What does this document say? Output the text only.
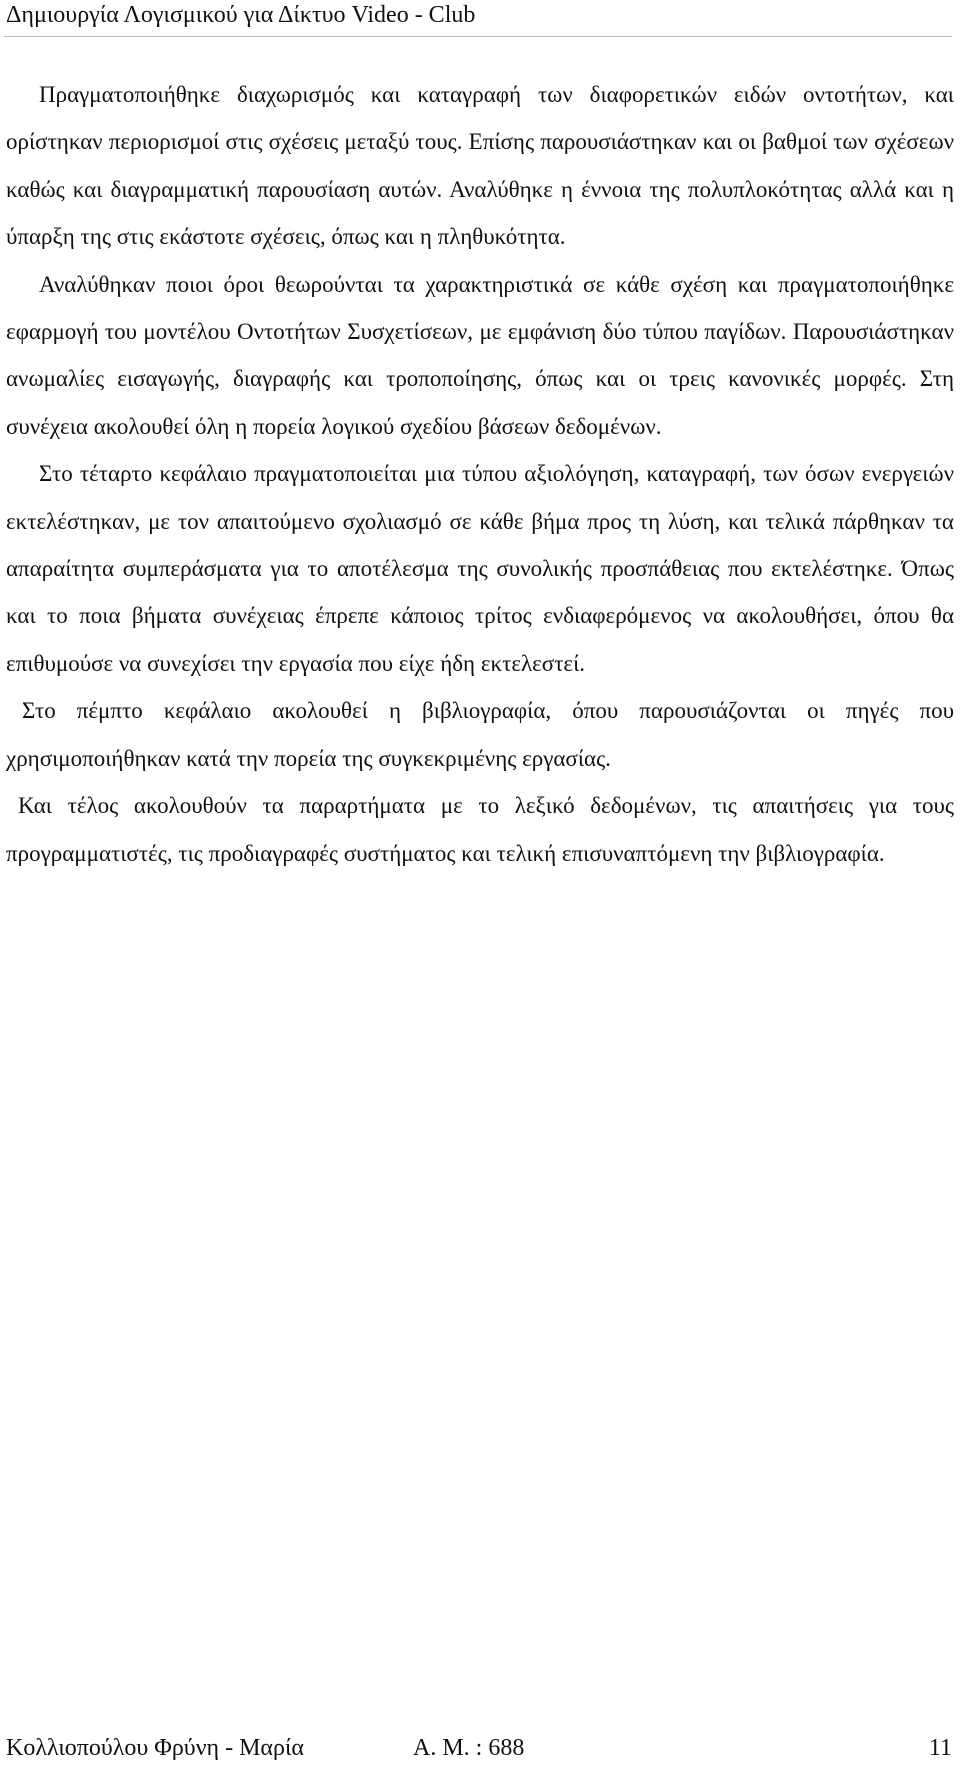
Δημιουργία Λογισμικού για Δίκτυο Video - Club

Πραγματοποιήθηκε διαχωρισμός και καταγραφή των διαφορετικών ειδών οντοτήτων, και ορίστηκαν περιορισμοί στις σχέσεις μεταξύ τους. Επίσης παρουσιάστηκαν και οι βαθμοί των σχέσεων καθώς και διαγραμματική παρουσίαση αυτών. Αναλύθηκε η έννοια της πολυπλοκότητας αλλά και η ύπαρξη της στις εκάστοτε σχέσεις, όπως και η πληθυκότητα.

Αναλύθηκαν ποιοι όροι θεωρούνται τα χαρακτηριστικά σε κάθε σχέση και πραγματοποιήθηκε εφαρμογή του μοντέλου Οντοτήτων Συσχετίσεων, με εμφάνιση δύο τύπου παγίδων. Παρουσιάστηκαν ανωμαλίες εισαγωγής, διαγραφής και τροποποίησης, όπως και οι τρεις κανονικές μορφές. Στη συνέχεια ακολουθεί όλη η πορεία λογικού σχεδίου βάσεων δεδομένων.

Στο τέταρτο κεφάλαιο πραγματοποιείται μια τύπου αξιολόγηση, καταγραφή, των όσων ενεργειών εκτελέστηκαν, με τον απαιτούμενο σχολιασμό σε κάθε βήμα προς τη λύση, και τελικά πάρθηκαν τα απαραίτητα συμπεράσματα για το αποτέλεσμα της συνολικής προσπάθειας που εκτελέστηκε. Όπως και το ποια βήματα συνέχειας έπρεπε κάποιος τρίτος ενδιαφερόμενος να ακολουθήσει, όπου θα επιθυμούσε να συνεχίσει την εργασία που είχε ήδη εκτελεστεί.

Στο πέμπτο κεφάλαιο ακολουθεί η βιβλιογραφία, όπου παρουσιάζονται οι πηγές που χρησιμοποιήθηκαν κατά την πορεία της συγκεκριμένης εργασίας.

Και τέλος ακολουθούν τα παραρτήματα με το λεξικό δεδομένων, τις απαιτήσεις για τους προγραμματιστές, τις προδιαγραφές συστήματος και τελική επισυναπτόμενη την βιβλιογραφία.

Κολλιοπούλου Φρύνη - Μαρία	Α. Μ. : 688	11
